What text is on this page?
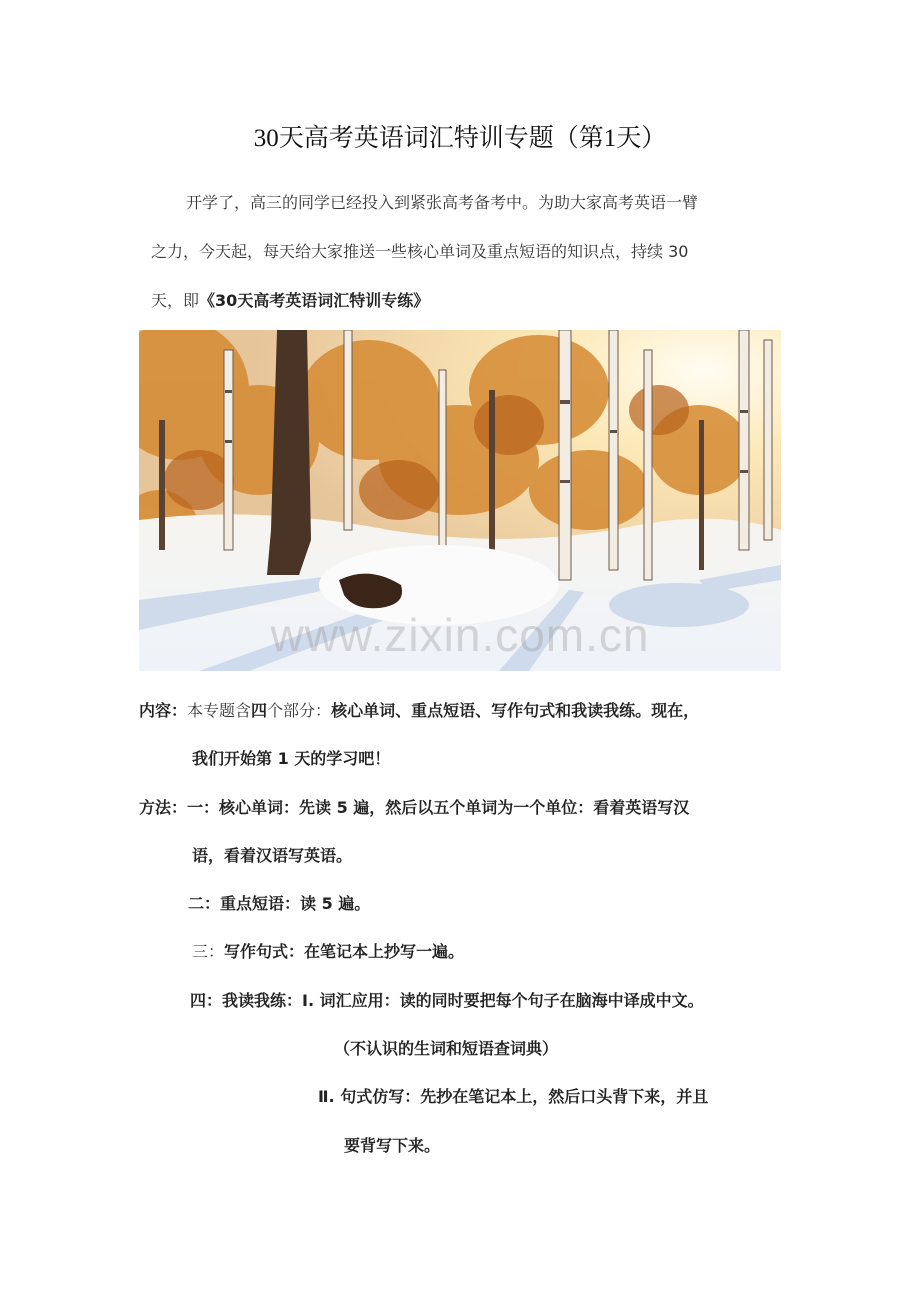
30天高考英语词汇特训专题（第1天）
开学了，高三的同学已经投入到紧张高考备考中。为助大家高考英语一臂
之力，今天起，每天给大家推送一些核心单词及重点短语的知识点，持续 30
天，即《30天高考英语词汇特训专练》
www.zixin.com.cn
内容：本专题含四个部分：核心单词、重点短语、写作句式和我读我练。现在，
我们开始第 1 天的学习吧！
方法：一：核心单词：先读 5 遍，然后以五个单词为一个单位：看着英语写汉
语，看着汉语写英语。
二：重点短语：读 5 遍。
三：写作句式：在笔记本上抄写一遍。
四：我读我练：Ⅰ. 词汇应用：读的同时要把每个句子在脑海中译成中文。
（不认识的生词和短语查词典）
Ⅱ. 句式仿写：先抄在笔记本上，然后口头背下来，并且
要背写下来。
